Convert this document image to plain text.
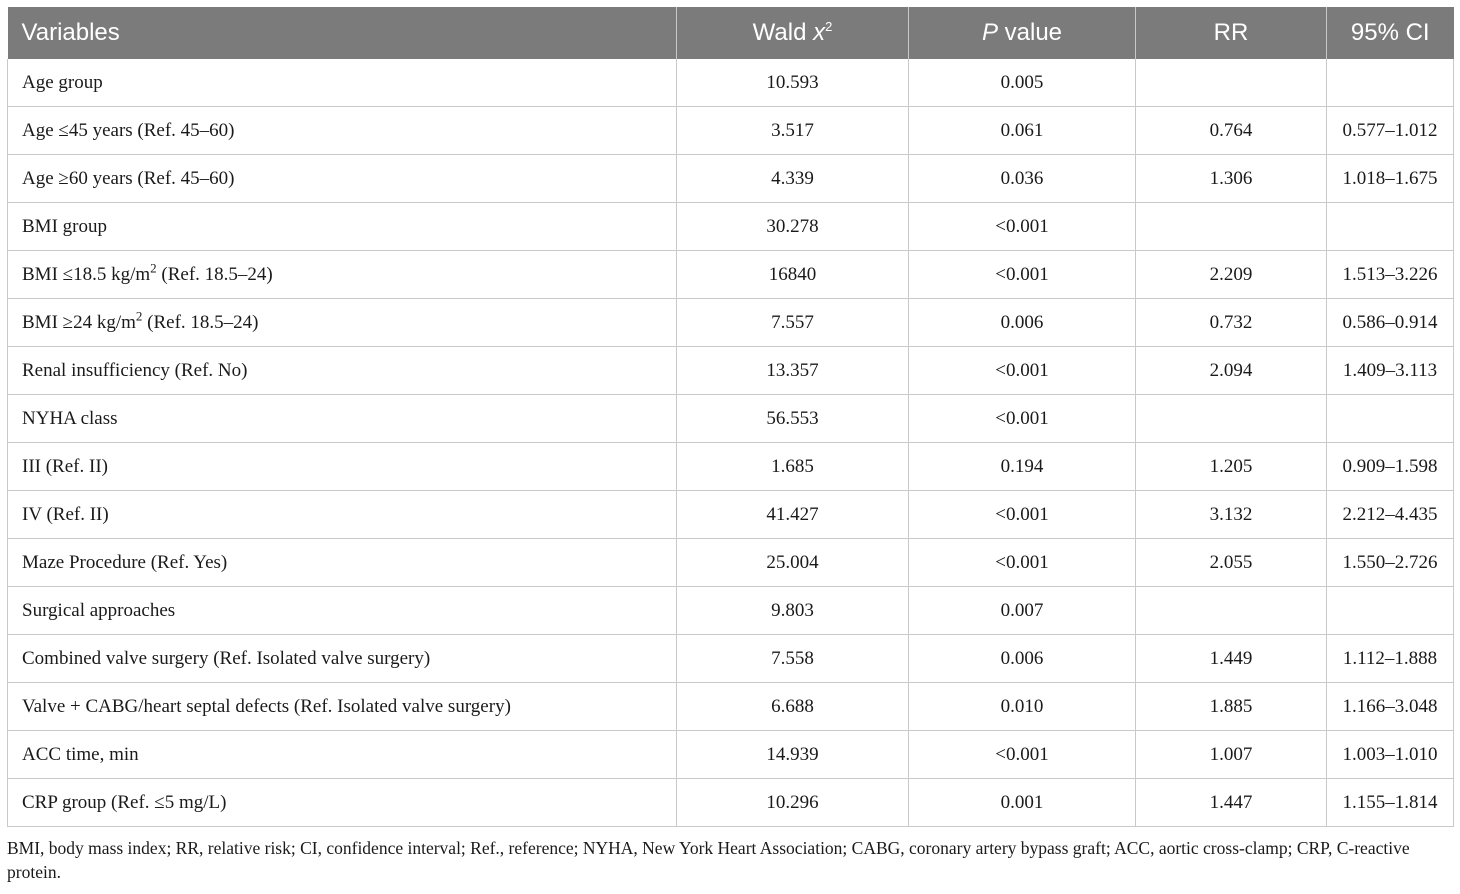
Variables	Wald $x^2$	P value	RR	95% CI
Age group	10.593	0.005		
Age ≤45 years (Ref. 45–60)	3.517	0.061	0.764	0.577–1.012
Age ≥60 years (Ref. 45–60)	4.339	0.036	1.306	1.018–1.675
BMI group	30.278	<0.001		
BMI ≤18.5 $kg/m^2$ (Ref. 18.5–24)	16840	<0.001	2.209	1.513–3.226
BMI ≥24 $kg/m^2$ (Ref. 18.5–24)	7.557	0.006	0.732	0.586–0.914
Renal insufficiency (Ref. No)	13.357	<0.001	2.094	1.409–3.113
NYHA class	56.553	<0.001		
III (Ref. II)	1.685	0.194	1.205	0.909–1.598
IV (Ref. II)	41.427	<0.001	3.132	2.212–4.435
Maze Procedure (Ref. Yes)	25.004	<0.001	2.055	1.550–2.726
Surgical approaches	9.803	0.007		
Combined valve surgery (Ref. Isolated valve surgery)	7.558	0.006	1.449	1.112–1.888
Valve + CABG/heart septal defects (Ref. Isolated valve surgery)	6.688	0.010	1.885	1.166–3.048
ACC time, min	14.939	<0.001	1.007	1.003–1.010
CRP group (Ref. ≤5 mg/L)	10.296	0.001	1.447	1.155–1.814
BMI, body mass index; RR, relative risk; CI, confidence interval; Ref., reference; NYHA, New York Heart Association; CABG, coronary artery bypass graft; ACC, aortic cross-clamp; CRP, C-reactive protein.
